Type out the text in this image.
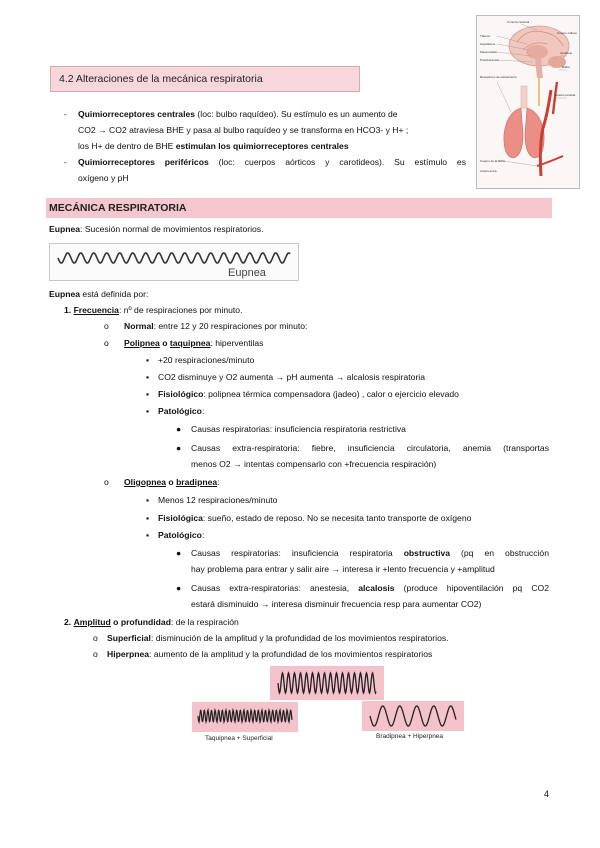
4.2 Alteraciones de la mecánica respiratoria
Corteza cerebral
Cuerpo calloso
Tálamo
Hipotálamo
Mesencéfalo	Cerebelo
Protuberancia
Bulbo
Receptores de estiramiento
Arteria carótida
Cuerpo de la aorta
Arteria aorta
- Quimiorreceptores centrales (loc: bulbo raquídeo). Su estímulo es un aumento de
CO2 → CO2 atraviesa BHE y pasa al bulbo raquídeo y se transforma en HCO3- y H+ ;
los H+ de dentro de BHE estimulan los quimiorreceptores centrales
- Quimiorreceptores periféricos (loc: cuerpos aórticos y carotideos). Su estímulo es
oxígeno y pH
MECÁNICA RESPIRATORIA
Eupnea: Sucesión normal de movimientos respiratorios.
Eupnea
Eupnea está definida por:
1. Frecuencia: nº de respiraciones por minuto.
o Normal: entre 12 y 20 respiraciones por minuto:
o Polipnea o taquipnea: hiperventilas
▪ +20 respiraciones/minuto
▪ CO2 disminuye y O2 aumenta → pH aumenta → alcalosis respiratoria
▪ Fisiológico: polipnea térmica compensadora (jadeo) , calor o ejercicio elevado
▪ Patológico:
● Causas respiratorias: insuficiencia respiratoria restrictiva
● Causas extra-respiratoria: fiebre, insuficiencia circulatoria, anemia (transportas
menos O2 → intentas compensarlo con +frecuencia respiración)
o Oligopnea o bradipnea:
▪ Menos 12 respiraciones/minuto
▪ Fisiológica: sueño, estado de reposo. No se necesita tanto transporte de oxígeno
▪ Patológico:
● Causas respiratorias: insuficiencia respiratoria obstructiva (pq en obstrucción
hay problema para entrar y salir aire → interesa ir +lento frecuencia y +amplitud
● Causas extra-respiratorias: anestesia, alcalosis (produce hipoventilación pq CO2
estará disminuido → interesa disminuir frecuencia resp para aumentar CO2)
2. Amplitud o profundidad: de la respiración
o Superficial: disminución de la amplitud y la profundidad de los movimientos respiratorios.
o Hiperpnea: aumento de la amplitud y la profundidad de los movimientos respiratorios
Taquipnea + Superficial	Bradipnea + Hiperpnea
4
